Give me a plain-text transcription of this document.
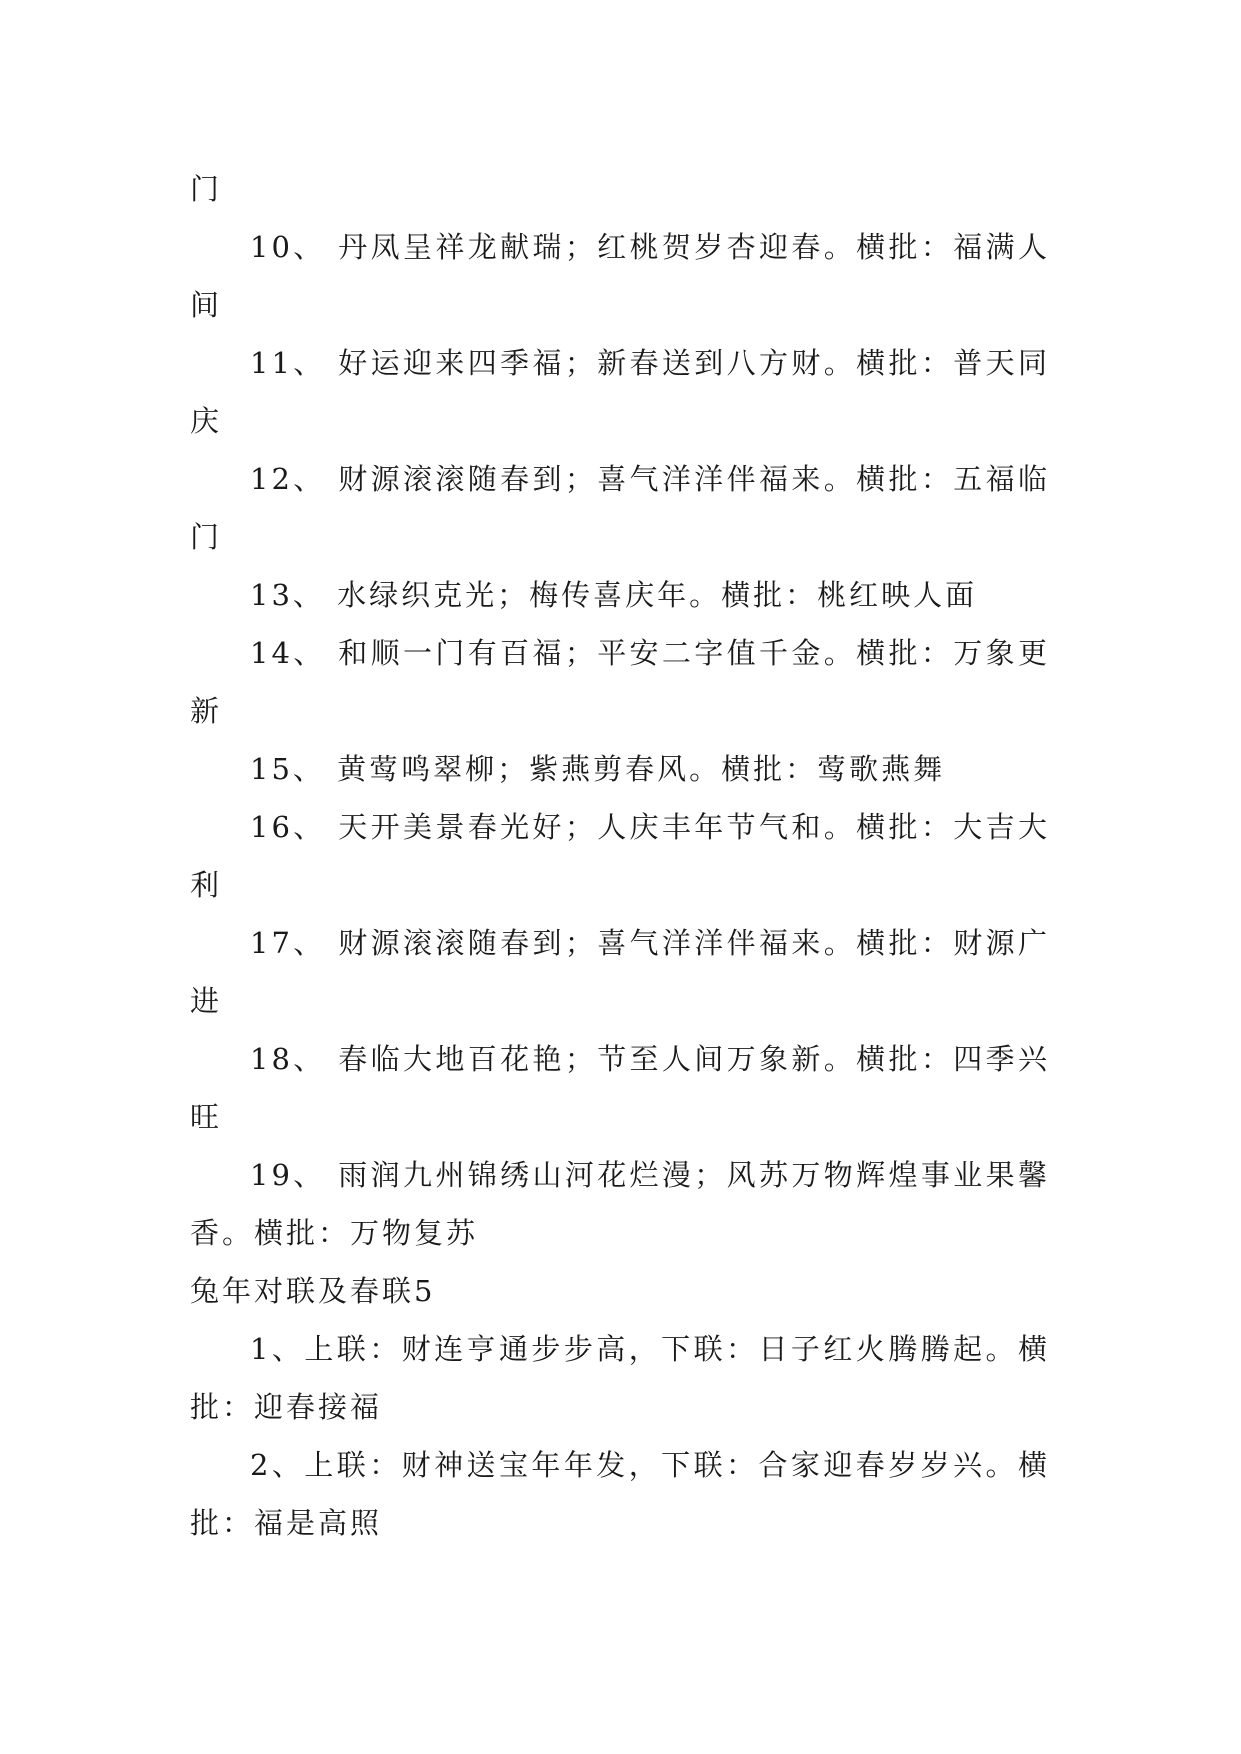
门

10、 丹凤呈祥龙献瑞；红桃贺岁杏迎春。横批：福满人间

11、 好运迎来四季福；新春送到八方财。横批：普天同庆

12、 财源滚滚随春到；喜气洋洋伴福来。横批：五福临门

13、 水绿织克光；梅传喜庆年。横批：桃红映人面

14、 和顺一门有百福；平安二字值千金。横批：万象更新

15、 黄莺鸣翠柳；紫燕剪春风。横批：莺歌燕舞

16、 天开美景春光好；人庆丰年节气和。横批：大吉大利

17、 财源滚滚随春到；喜气洋洋伴福来。横批：财源广进

18、 春临大地百花艳；节至人间万象新。横批：四季兴旺

19、 雨润九州锦绣山河花烂漫；风苏万物辉煌事业果馨香。横批：万物复苏

兔年对联及春联5

1、上联：财连亨通步步高，下联：日子红火腾腾起。横批：迎春接福

2、上联：财神送宝年年发，下联：合家迎春岁岁兴。横批：福是高照
